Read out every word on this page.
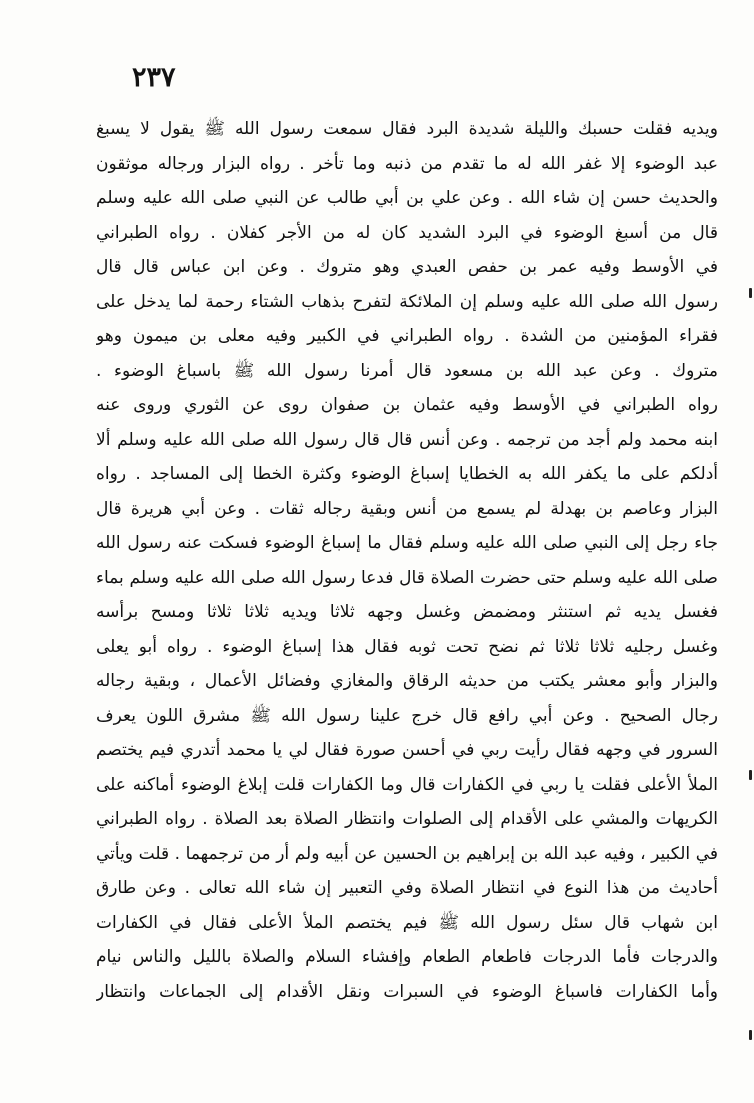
٢٣٧
ويديه فقلت حسبك والليلة شديدة البرد فقال سمعت رسول الله ﷺ يقول لا يسبغ
عبد الوضوء إلا غفر الله له ما تقدم من ذنبه وما تأخر . رواه البزار ورجاله موثقون
والحديث حسن إن شاء الله . وعن علي بن أبي طالب عن النبي صلى الله عليه وسلم
قال من أسبغ الوضوء في البرد الشديد كان له من الأجر كفلان . رواه الطبراني
في الأوسط وفيه عمر بن حفص العبدي وهو متروك . وعن ابن عباس قال قال
رسول الله صلى الله عليه وسلم إن الملائكة لتفرح بذهاب الشتاء رحمة لما يدخل على
فقراء المؤمنين من الشدة . رواه الطبراني في الكبير وفيه معلى بن ميمون وهو
متروك . وعن عبد الله بن مسعود قال أمرنا رسول الله ﷺ باسباغ الوضوء .
رواه الطبراني في الأوسط وفيه عثمان بن صفوان روى عن الثوري وروى عنه
ابنه محمد ولم أجد من ترجمه . وعن أنس قال قال رسول الله صلى الله عليه وسلم ألا
أدلكم على ما يكفر الله به الخطايا إسباغ الوضوء وكثرة الخطا إلى المساجد . رواه
البزار وعاصم بن بهدلة لم يسمع من أنس وبقية رجاله ثقات . وعن أبي هريرة قال
جاء رجل إلى النبي صلى الله عليه وسلم فقال ما إسباغ الوضوء فسكت عنه رسول الله
صلى الله عليه وسلم حتى حضرت الصلاة قال فدعا رسول الله صلى الله عليه وسلم بماء
فغسل يديه ثم استنثر ومضمض وغسل وجهه ثلاثا ويديه ثلاثا ثلاثا ومسح برأسه
وغسل رجليه ثلاثا ثلاثا ثم نضح تحت ثوبه فقال هذا إسباغ الوضوء . رواه أبو يعلى
والبزار وأبو معشر يكتب من حديثه الرقاق والمغازي وفضائل الأعمال ، وبقية رجاله
رجال الصحيح . وعن أبي رافع قال خرج علينا رسول الله ﷺ مشرق اللون يعرف
السرور في وجهه فقال رأيت ربي في أحسن صورة فقال لي يا محمد أتدري فيم يختصم
الملأ الأعلى فقلت يا ربي في الكفارات قال وما الكفارات قلت إبلاغ الوضوء أماكنه على
الكريهات والمشي على الأقدام إلى الصلوات وانتظار الصلاة بعد الصلاة . رواه الطبراني
في الكبير ، وفيه عبد الله بن إبراهيم بن الحسين عن أبيه ولم أر من ترجمهما . قلت ويأتي
أحاديث من هذا النوع في انتظار الصلاة وفي التعبير إن شاء الله تعالى . وعن طارق
ابن شهاب قال سئل رسول الله ﷺ فيم يختصم الملأ الأعلى فقال في الكفارات
والدرجات فأما الدرجات فاطعام الطعام وإفشاء السلام والصلاة بالليل والناس نيام
وأما الكفارات فاسباغ الوضوء في السبرات ونقل الأقدام إلى الجماعات وانتظار
